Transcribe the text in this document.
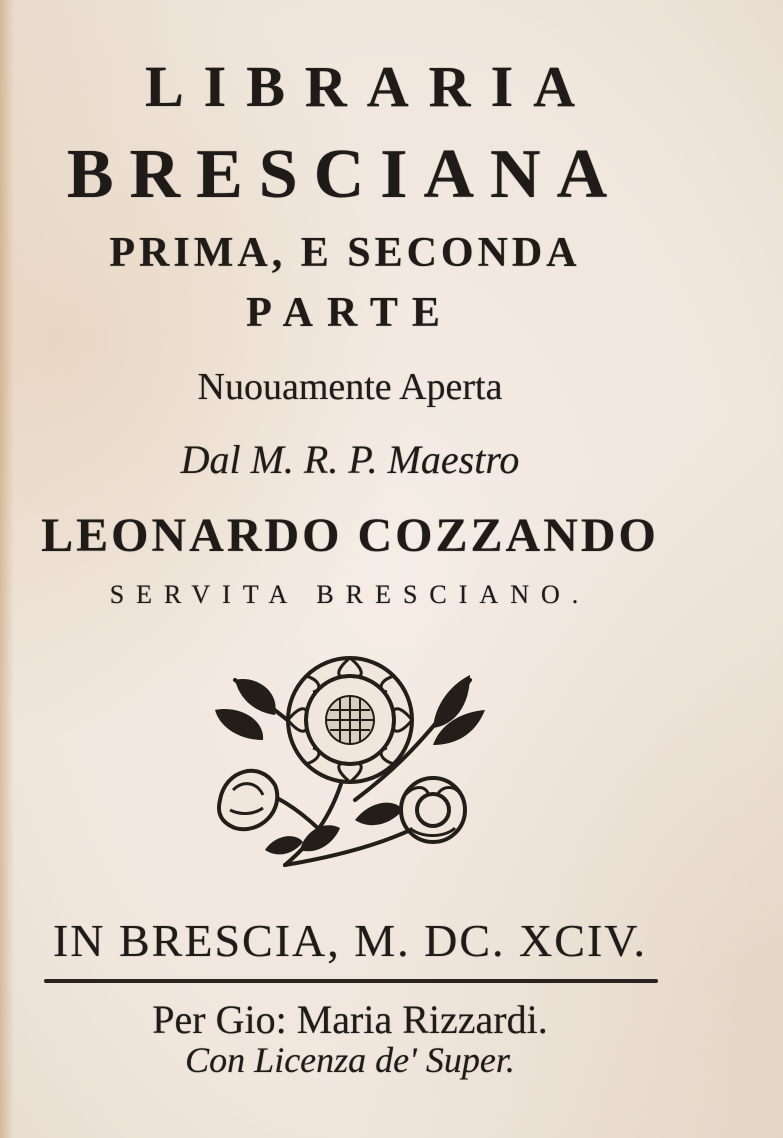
LIBRARIA
BRESCIANA
PRIMA, E SECONDA
PARTE
Nuouamente Aperta
Dal M. R. P. Maestro
LEONARDO COZZANDO
SERVITA BRESCIANO.
IN BRESCIA, M. DC. XCIV.
Per Gio: Maria Rizzardi.
Con Licenza de' Super.
